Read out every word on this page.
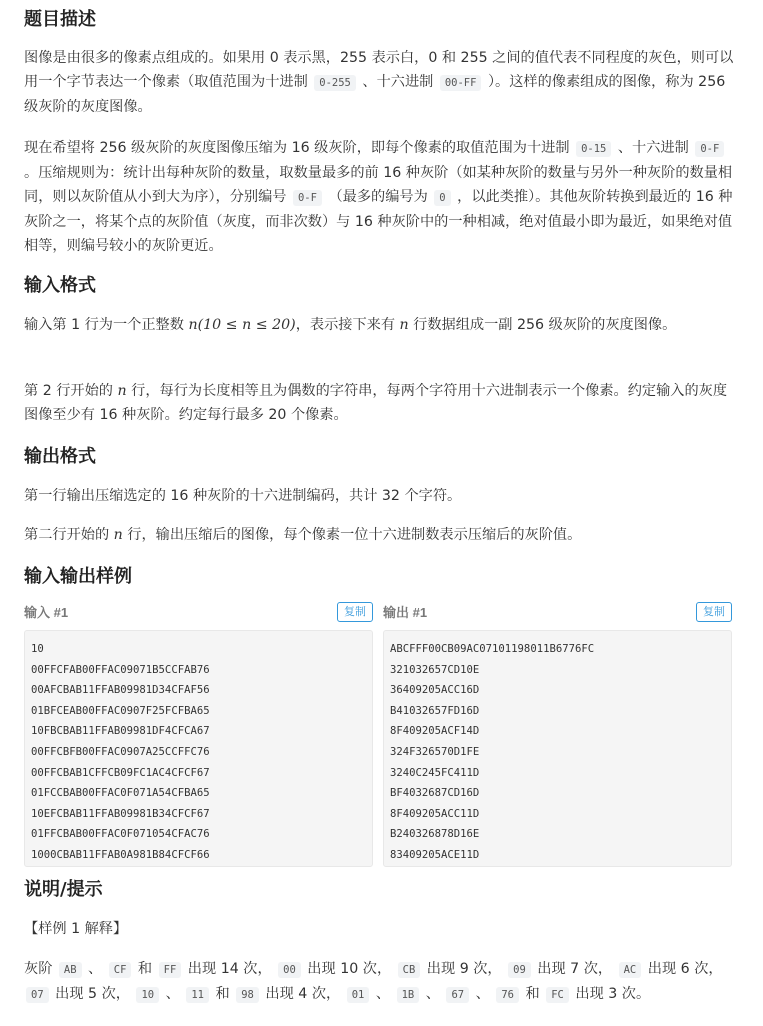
题目描述

图像是由很多的像素点组成的。如果用 0 表示黑，255 表示白，0 和 255 之间的值代表不同程度的灰色，则可以用一个字节表达一个像素（取值范围为十进制 0-255 、十六进制 00-FF ）。这样的像素组成的图像，称为 256 级灰阶的灰度图像。

现在希望将 256 级灰阶的灰度图像压缩为 16 级灰阶，即每个像素的取值范围为十进制 0-15 、十六进制 0-F 。压缩规则为：统计出每种灰阶的数量，取数量最多的前 16 种灰阶（如某种灰阶的数量与另外一种灰阶的数量相同，则以灰阶值从小到大为序），分别编号 0-F （最多的编号为 0 ，以此类推）。其他灰阶转换到最近的 16 种灰阶之一，将某个点的灰阶值（灰度，而非次数）与 16 种灰阶中的一种相减，绝对值最小即为最近，如果绝对值相等，则编号较小的灰阶更近。

输入格式

输入第 1 行为一个正整数 n(10 ≤ n ≤ 20)，表示接下来有 n 行数据组成一副 256 级灰阶的灰度图像。

第 2 行开始的 n 行，每行为长度相等且为偶数的字符串，每两个字符用十六进制表示一个像素。约定输入的灰度图像至少有 16 种灰阶。约定每行最多 20 个像素。

输出格式

第一行输出压缩选定的 16 种灰阶的十六进制编码，共计 32 个字符。

第二行开始的 n 行，输出压缩后的图像，每个像素一位十六进制数表示压缩后的灰阶值。

输入输出样例
输入 #1	复制
10
00FFCFAB00FFAC09071B5CCFAB76
00AFCBAB11FFAB09981D34CFAF56
01BFCEAB00FFAC0907F25FCFBA65
10FBCBAB11FFAB09981DF4CFCA67
00FFCBFB00FFAC0907A25CCFFC76
00FFCBAB1CFFCB09FC1AC4CFCF67
01FCCBAB00FFAC0F071A54CFBA65
10EFCBAB11FFAB09981B34CFCF67
01FFCBAB00FFAC0F071054CFAC76
1000CBAB11FFAB0A981B84CFCF66
输出 #1	复制
ABCFFF00CB09AC07101198011B6776FC
321032657CD10E
36409205ACC16D
B41032657FD16D
8F409205ACF14D
324F326570D1FE
3240C245FC411D
BF4032687CD16D
8F409205ACC11D
B240326878D16E
83409205ACE11D
说明/提示

【样例 1 解释】

灰阶 AB 、 CF 和 FF 出现 14 次， 00 出现 10 次， CB 出现 9 次， 09 出现 7 次， AC 出现 6 次， 07 出现 5 次， 10 、 11 和 98 出现 4 次， 01 、 1B 、 67 、 76 和 FC 出现 3 次。
